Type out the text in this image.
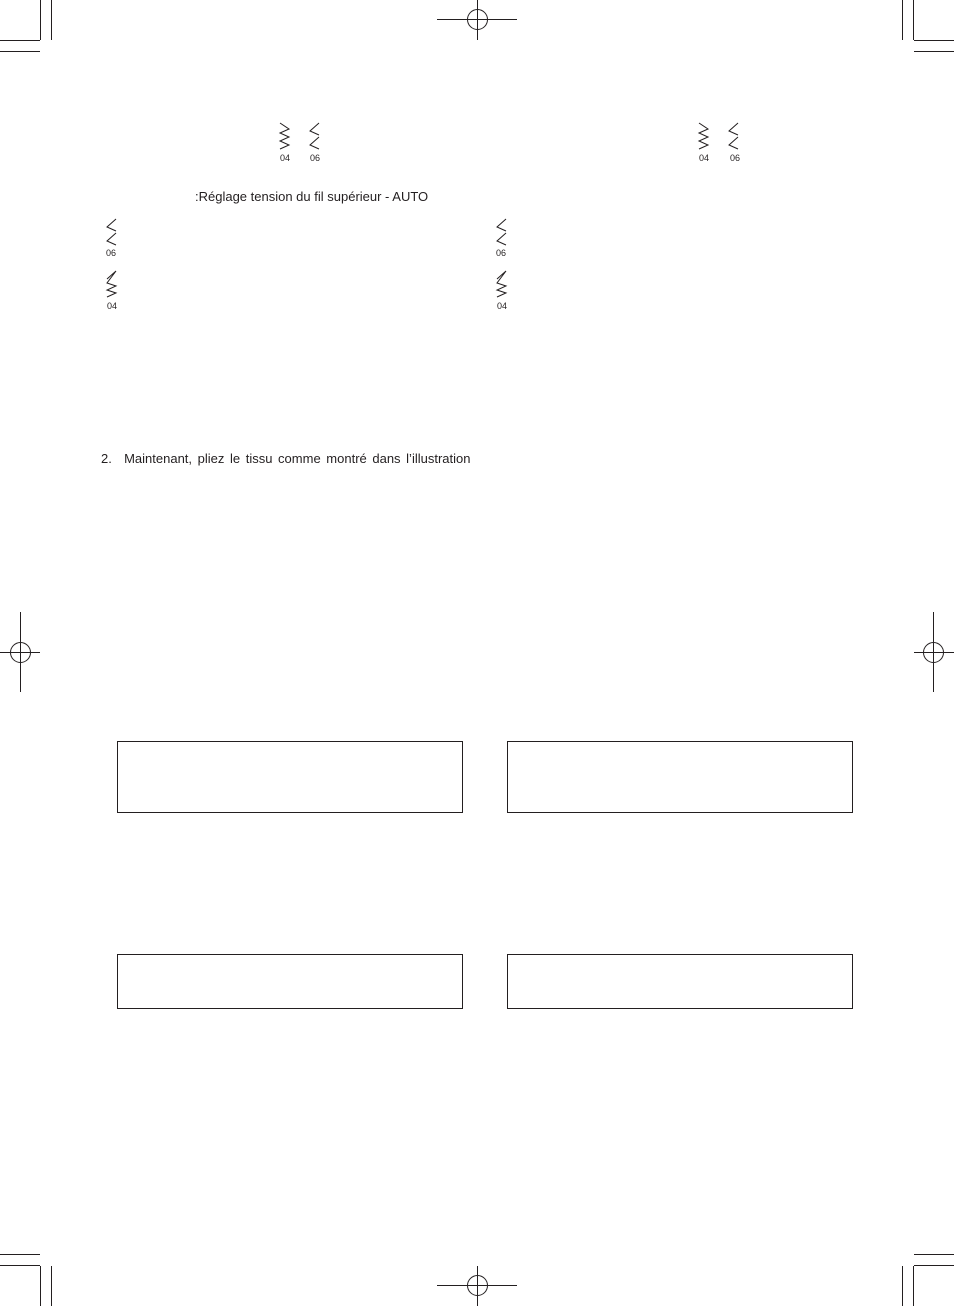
04	06	04	06
:Réglage tension du fil supérieur - AUTO
06
04
06
04
2. Maintenant, pliez le tissu comme montré dans l’illustration
